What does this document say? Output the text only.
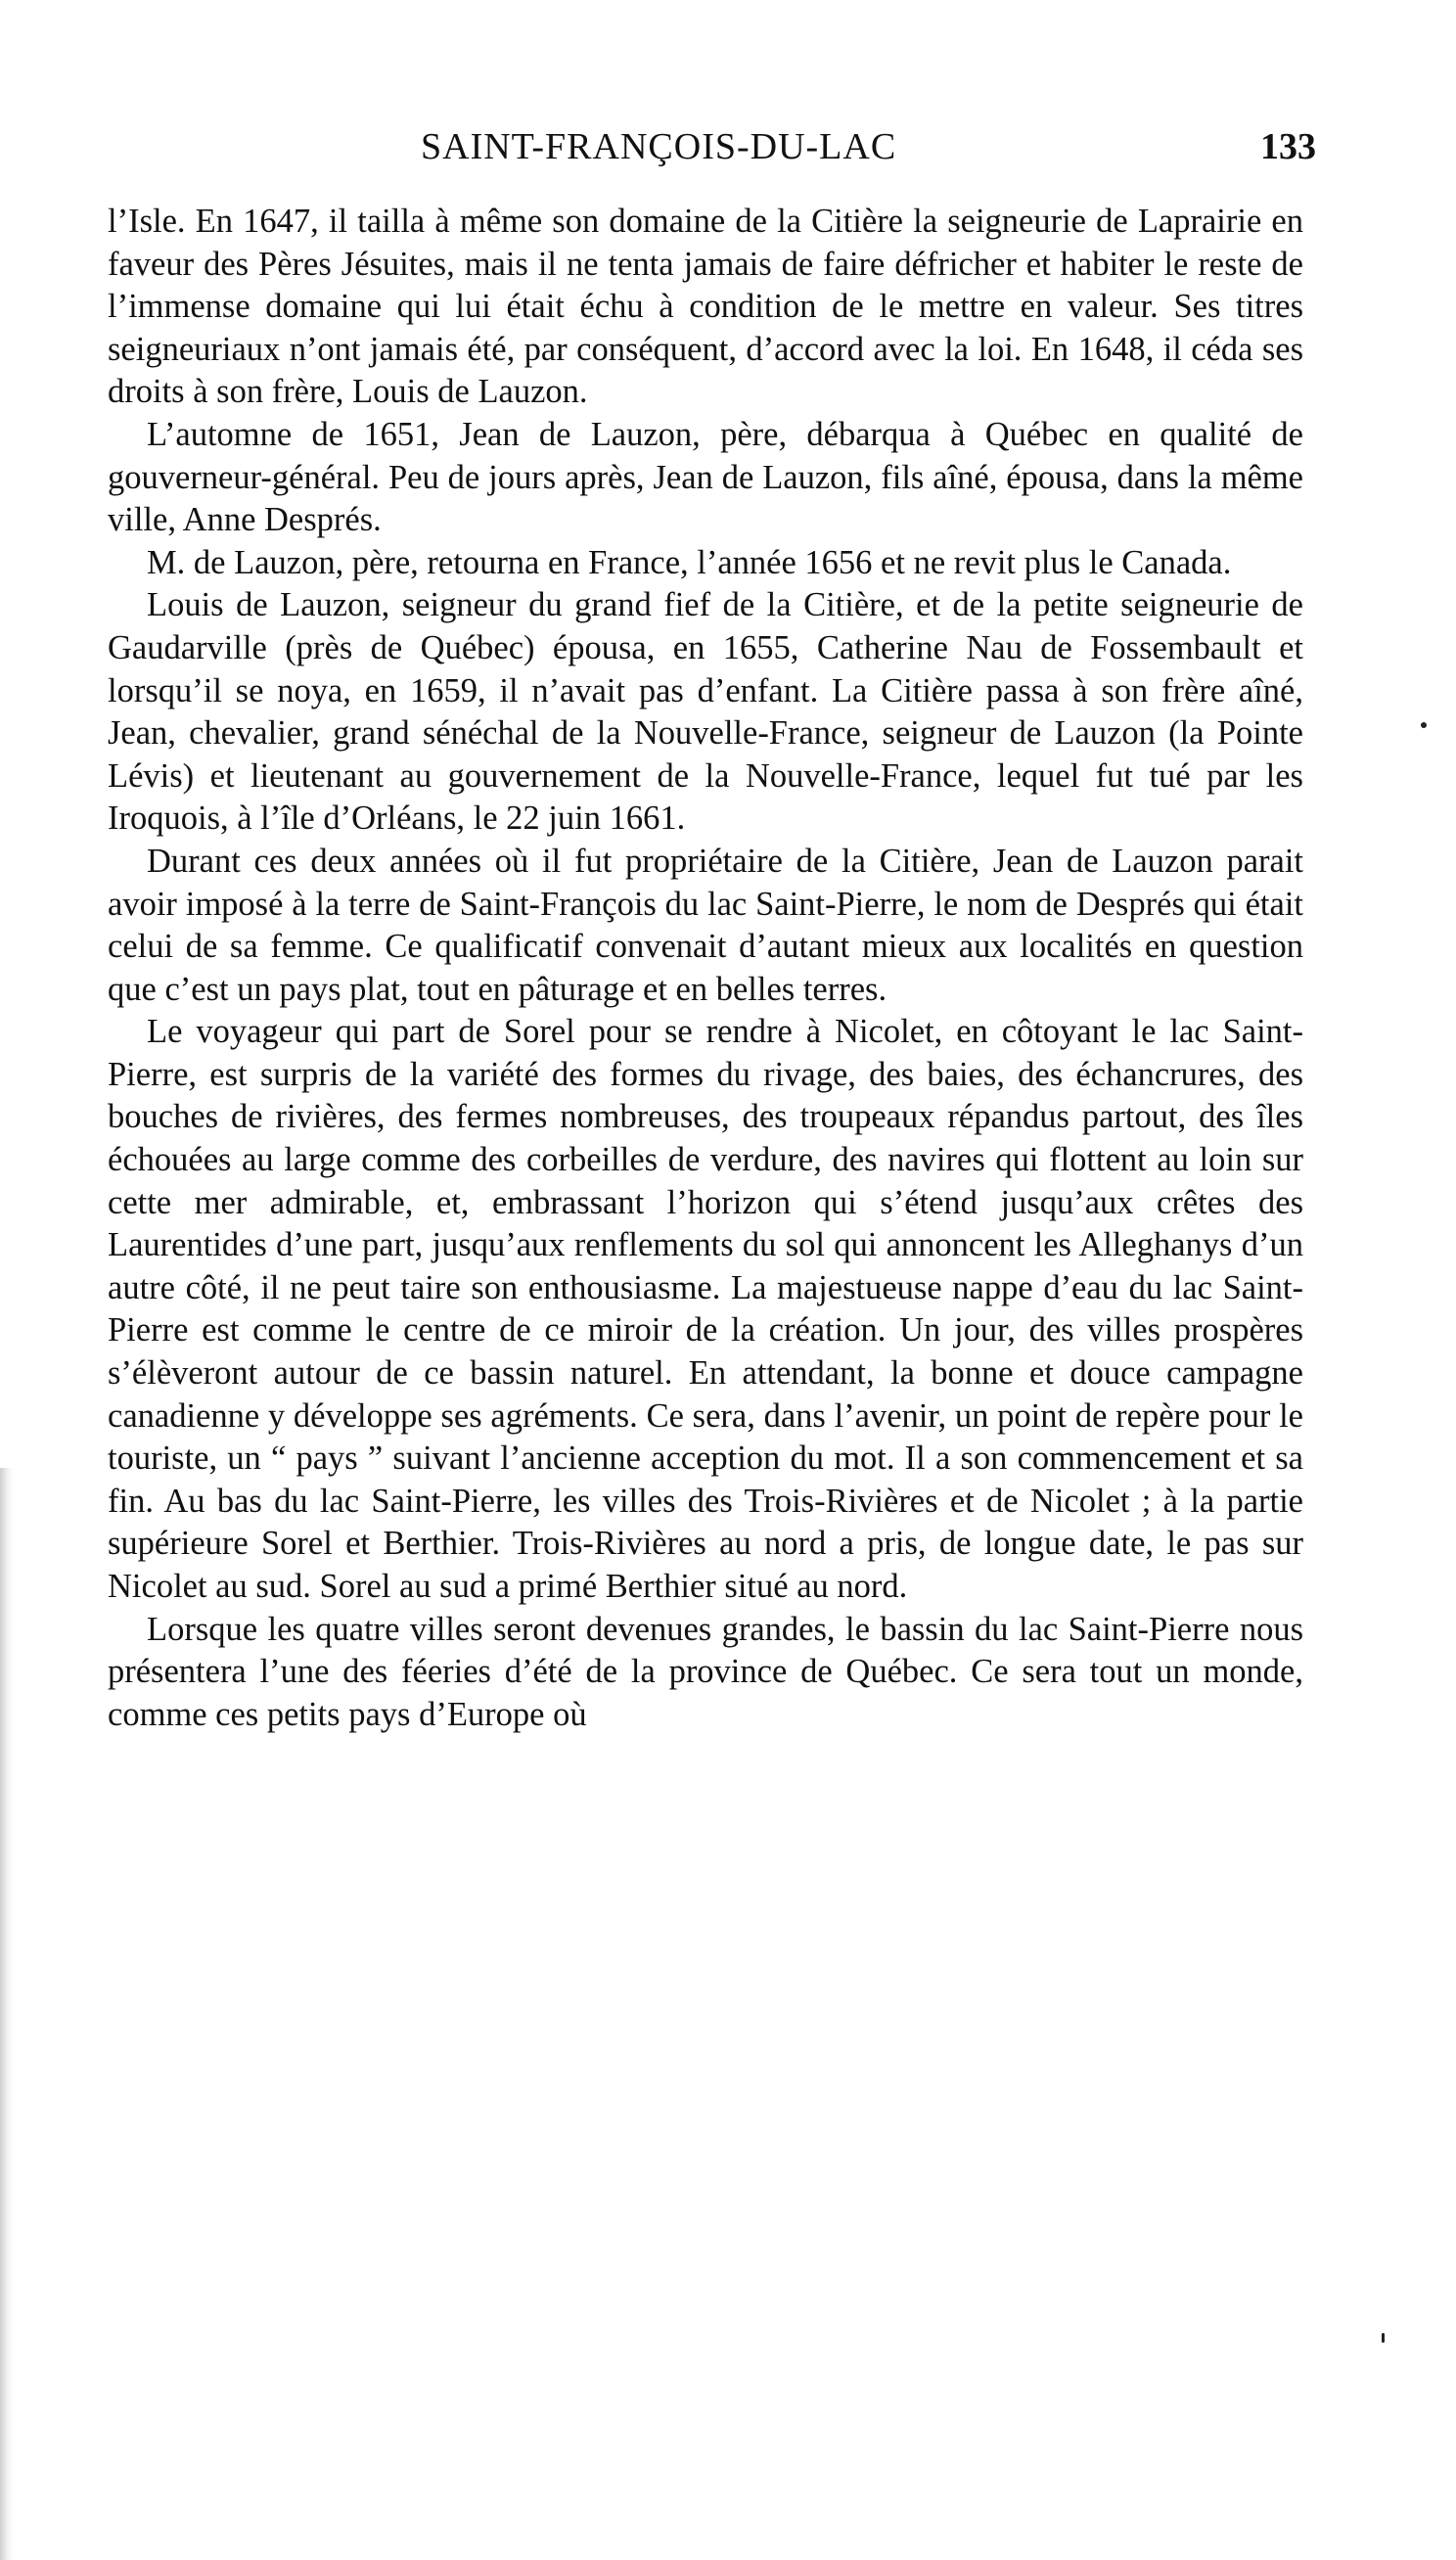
SAINT-FRANÇOIS-DU-LAC	133

l’Isle. En 1647, il tailla à même son domaine de la Citière la seigneurie de Laprairie en faveur des Pères Jésuites, mais il ne tenta jamais de faire défricher et habiter le reste de l’immense domaine qui lui était échu à condition de le mettre en valeur. Ses titres seigneuriaux n’ont jamais été, par conséquent, d’accord avec la loi. En 1648, il céda ses droits à son frère, Louis de Lauzon.

L’automne de 1651, Jean de Lauzon, père, débarqua à Québec en qualité de gouverneur-général. Peu de jours après, Jean de Lauzon, fils aîné, épousa, dans la même ville, Anne Després.

M. de Lauzon, père, retourna en France, l’année 1656 et ne revit plus le Canada.

Louis de Lauzon, seigneur du grand fief de la Citière, et de la petite seigneurie de Gaudarville (près de Québec) épousa, en 1655, Catherine Nau de Fossembault et lorsqu’il se noya, en 1659, il n’avait pas d’enfant. La Citière passa à son frère aîné, Jean, chevalier, grand sénéchal de la Nouvelle-France, seigneur de Lauzon (la Pointe Lévis) et lieutenant au gouvernement de la Nouvelle-France, lequel fut tué par les Iroquois, à l’île d’Orléans, le 22 juin 1661.

Durant ces deux années où il fut propriétaire de la Citière, Jean de Lauzon parait avoir imposé à la terre de Saint-François du lac Saint-Pierre, le nom de Després qui était celui de sa femme. Ce qualificatif convenait d’autant mieux aux localités en question que c’est un pays plat, tout en pâturage et en belles terres.

Le voyageur qui part de Sorel pour se rendre à Nicolet, en côtoyant le lac Saint-Pierre, est surpris de la variété des formes du rivage, des baies, des échancrures, des bouches de rivières, des fermes nombreuses, des troupeaux répandus partout, des îles échouées au large comme des corbeilles de verdure, des navires qui flottent au loin sur cette mer admirable, et, embrassant l’horizon qui s’étend jusqu’aux crêtes des Laurentides d’une part, jusqu’aux renflements du sol qui annoncent les Alleghanys d’un autre côté, il ne peut taire son enthousiasme. La majestueuse nappe d’eau du lac Saint-Pierre est comme le centre de ce miroir de la création. Un jour, des villes prospères s’élèveront autour de ce bassin naturel. En attendant, la bonne et douce campagne canadienne y développe ses agréments. Ce sera, dans l’avenir, un point de repère pour le touriste, un “ pays ” suivant l’ancienne acception du mot. Il a son commencement et sa fin. Au bas du lac Saint-Pierre, les villes des Trois-Rivières et de Nicolet ; à la partie supérieure Sorel et Berthier. Trois-Rivières au nord a pris, de longue date, le pas sur Nicolet au sud. Sorel au sud a primé Berthier situé au nord.

Lorsque les quatre villes seront devenues grandes, le bassin du lac Saint-Pierre nous présentera l’une des féeries d’été de la province de Québec. Ce sera tout un monde, comme ces petits pays d’Europe où
